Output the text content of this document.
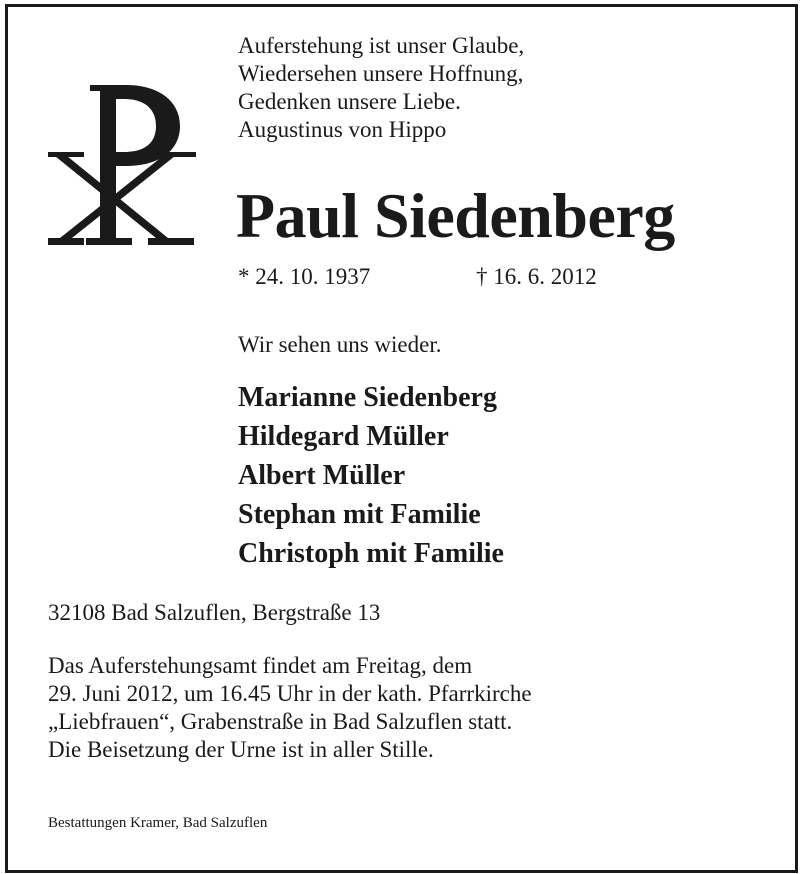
Auferstehung ist unser Glaube,
Wiedersehen unsere Hoffnung,
Gedenken unsere Liebe.
Augustinus von Hippo
Paul Siedenberg
* 24. 10. 1937	† 16. 6. 2012
Wir sehen uns wieder.
Marianne Siedenberg
Hildegard Müller
Albert Müller
Stephan mit Familie
Christoph mit Familie
32108 Bad Salzuflen, Bergstraße 13
Das Auferstehungsamt findet am Freitag, dem
29. Juni 2012, um 16.45 Uhr in der kath. Pfarrkirche
„Liebfrauen“, Grabenstraße in Bad Salzuflen statt.
Die Beisetzung der Urne ist in aller Stille.
Bestattungen Kramer, Bad Salzuflen
